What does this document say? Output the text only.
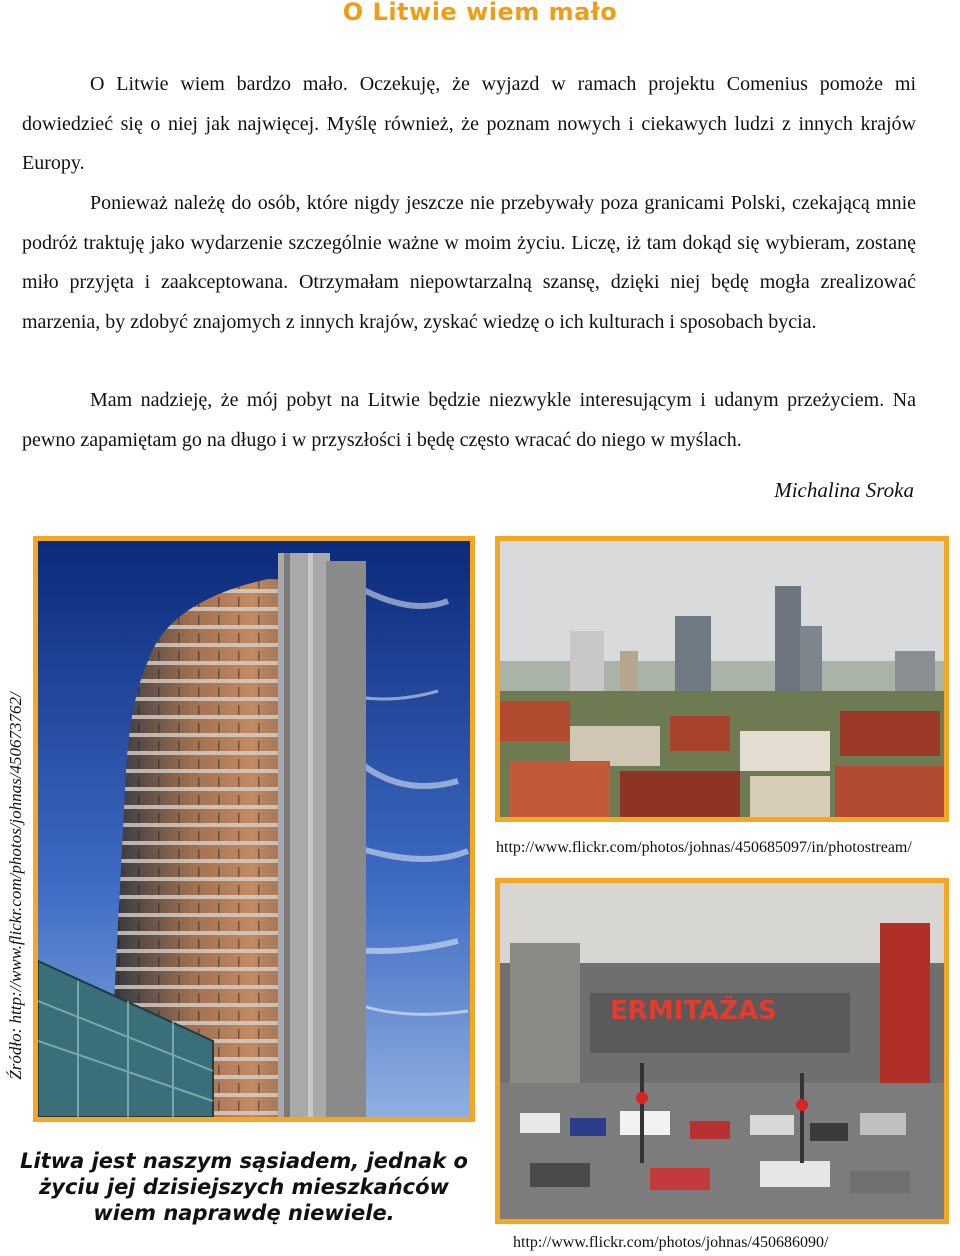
O Litwie wiem mało

O Litwie wiem bardzo mało. Oczekuję, że wyjazd w ramach projektu Comenius pomoże mi dowiedzieć się o niej jak najwięcej. Myślę również, że poznam nowych i ciekawych ludzi z innych krajów Europy.

Ponieważ należę do osób, które nigdy jeszcze nie przebywały poza granicami Polski, czekającą mnie podróż traktuję jako wydarzenie szczególnie ważne w moim życiu. Liczę, iż tam dokąd się wybieram, zostanę miło przyjęta i zaakceptowana. Otrzymałam niepowtarzalną szansę, dzięki niej będę mogła zrealizować marzenia, by zdobyć znajomych z innych krajów, zyskać wiedzę o ich kulturach i sposobach bycia.

Mam nadzieję, że mój pobyt na Litwie będzie niezwykle interesującym i udanym przeżyciem. Na pewno zapamiętam go na długo i w przyszłości i będę często wracać do niego w myślach.

Michalina Sroka
Źródło: http://www.flickr.com/photos/johnas/450673762/	http://www.flickr.com/photos/johnas/450685097/in/photostream/
ERMITAŽAS
http://www.flickr.com/photos/johnas/450686090/
Litwa jest naszym sąsiadem, jednak o życiu jej dzisiejszych mieszkańców wiem naprawdę niewiele.
